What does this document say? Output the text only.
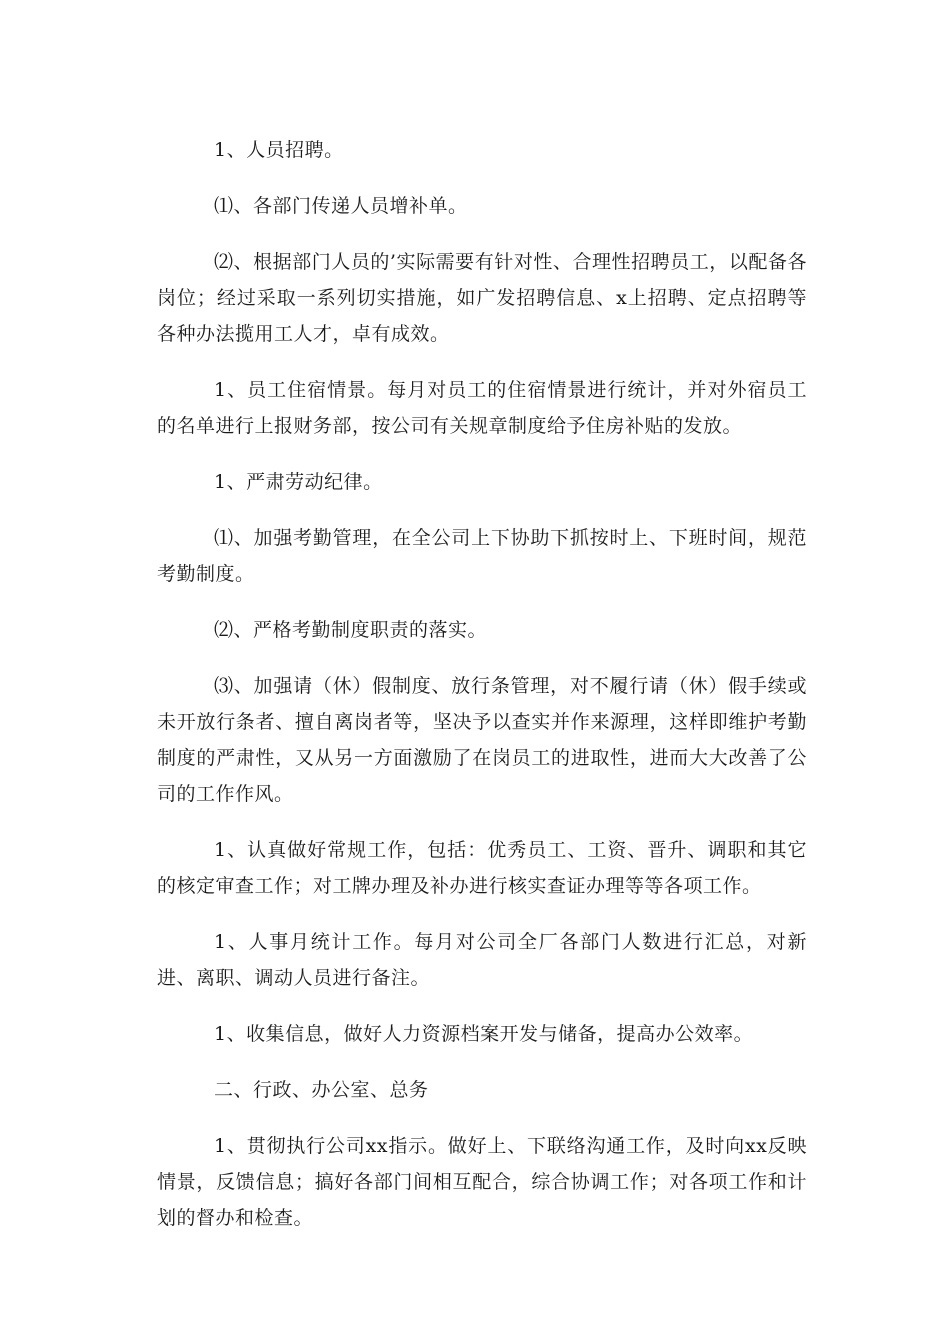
1、人员招聘。

⑴、各部门传递人员增补单。

⑵、根据部门人员的’实际需要有针对性、合理性招聘员工，以配备各岗位；经过采取一系列切实措施，如广发招聘信息、x上招聘、定点招聘等各种办法揽用工人才，卓有成效。

1、员工住宿情景。每月对员工的住宿情景进行统计，并对外宿员工的名单进行上报财务部，按公司有关规章制度给予住房补贴的发放。

1、严肃劳动纪律。

⑴、加强考勤管理，在全公司上下协助下抓按时上、下班时间，规范考勤制度。

⑵、严格考勤制度职责的落实。

⑶、加强请（休）假制度、放行条管理，对不履行请（休）假手续或未开放行条者、擅自离岗者等，坚决予以查实并作来源理，这样即维护考勤制度的严肃性，又从另一方面激励了在岗员工的进取性，进而大大改善了公司的工作作风。

1、认真做好常规工作，包括：优秀员工、工资、晋升、调职和其它的核定审查工作；对工牌办理及补办进行核实查证办理等等各项工作。

1、人事月统计工作。每月对公司全厂各部门人数进行汇总，对新进、离职、调动人员进行备注。

1、收集信息，做好人力资源档案开发与储备，提高办公效率。

二、行政、办公室、总务

1、贯彻执行公司xx指示。做好上、下联络沟通工作，及时向xx反映情景，反馈信息；搞好各部门间相互配合，综合协调工作；对各项工作和计划的督办和检查。
